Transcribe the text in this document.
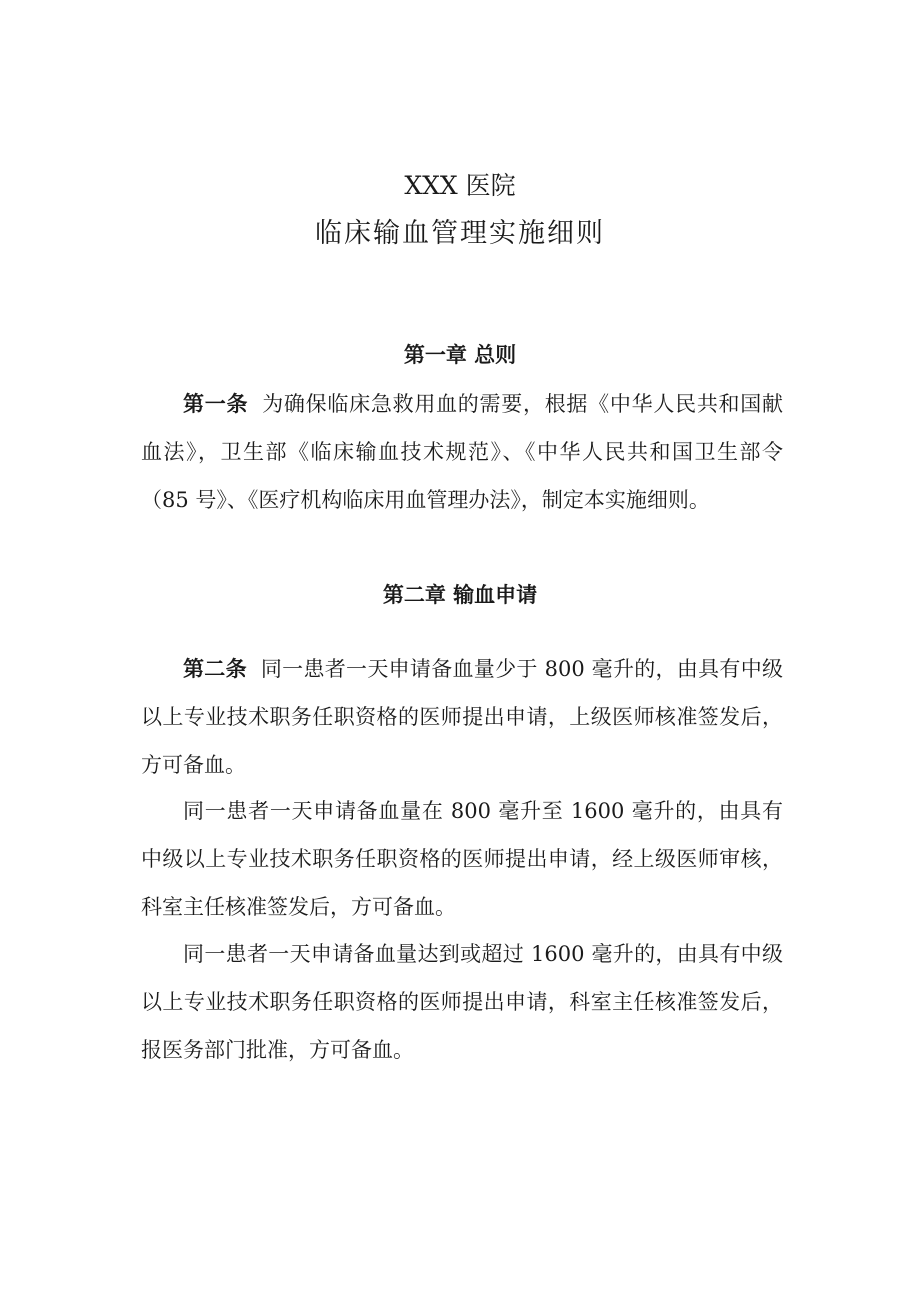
XXX 医院
临床输血管理实施细则
第一章 总则
第一条 为确保临床急救用血的需要，根据《中华人民共和国献血法》，卫生部《临床输血技术规范》、《中华人民共和国卫生部令（85 号》、《医疗机构临床用血管理办法》，制定本实施细则。
第二章 输血申请
第二条 同一患者一天申请备血量少于 800 毫升的，由具有中级以上专业技术职务任职资格的医师提出申请，上级医师核准签发后，方可备血。
同一患者一天申请备血量在 800 毫升至 1600 毫升的，由具有中级以上专业技术职务任职资格的医师提出申请，经上级医师审核，科室主任核准签发后，方可备血。
同一患者一天申请备血量达到或超过 1600 毫升的，由具有中级以上专业技术职务任职资格的医师提出申请，科室主任核准签发后，报医务部门批准，方可备血。
